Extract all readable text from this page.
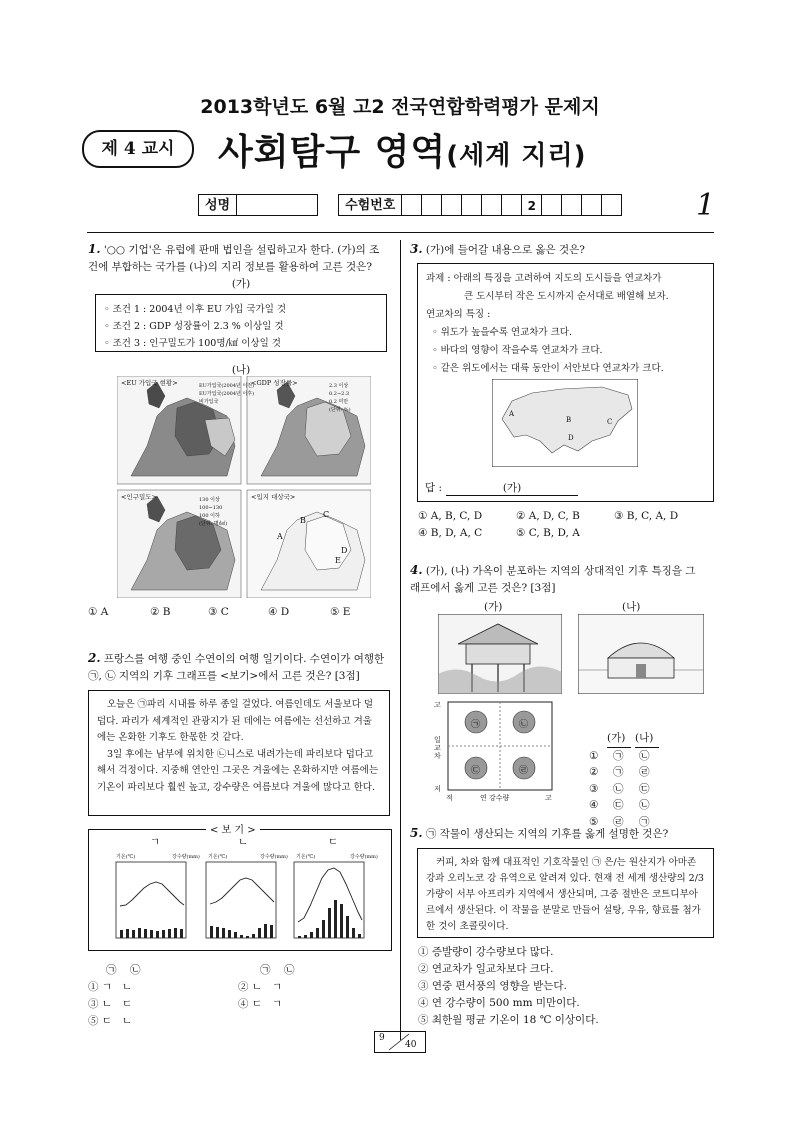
2013학년도 6월 고2 전국연합학력평가 문제지
제 4 교시	사회탐구 영역(세계 지리)
성명	수험번호	2	1
1. '○○ 기업'은 유럽에 판매 법인을 설립하고자 한다. (가)의 조
건에 부합하는 국가를 (나)의 지리 정보를 활용하여 고른 것은?
(가)
◦ 조건 1 : 2004년 이후 EU 가입 국가일 것
◦ 조건 2 : GDP 성장률이 2.3 % 이상일 것
◦ 조건 3 : 인구밀도가 100명/㎢ 이상일 것
(나)
<EU 가입국 현황>	<GDP 성장률>
<인구밀도>	<입지 대상국>
EU가입국(2004년 이전)
EU가입국(2004년 이후)
비가입국
2.3 이상
0.2~2.3
0.2 미만
(단위: %)
130 이상
100~130
100 이하
(단위: 명/㎢)
A
B
C
D
E
① A	② B	③ C	④ D	⑤ E
2. 프랑스를 여행 중인 수연이의 여행 일기이다. 수연이가 여행한
㉠, ㉡ 지역의 기후 그래프를 <보기>에서 고른 것은? [3점]
오늘은 ㉠파리 시내를 하루 종일 걸었다. 여름인데도 서울보다 덜 덥다. 파리가 세계적인 관광지가 된 데에는 여름에는 선선하고 겨울에는 온화한 기후도 한몫한 것 같다.
3일 후에는 남부에 위치한 ㉡니스로 내려가는데 파리보다 덥다고 해서 걱정이다. 지중해 연안인 그곳은 겨울에는 온화하지만 여름에는 기온이 파리보다 훨씬 높고, 강수량은 여름보다 겨울에 많다고 한다.
< 보 기 >
ㄱ	ㄴ	ㄷ
기온(℃)	강수량(mm) 기온(℃)	강수량(mm) 기온(℃)	강수량(mm)
㉠	㉡	㉠	㉡
① ㄱ   ㄴ	② ㄴ   ㄱ
③ ㄴ   ㄷ	④ ㄷ   ㄱ
⑤ ㄷ   ㄴ
3. (가)에 들어갈 내용으로 옳은 것은?
과제 : 아래의 특징을 고려하여 지도의 도시들을 연교차가
큰 도시부터 작은 도시까지 순서대로 배열해 보자.
연교차의 특징 :
◦ 위도가 높을수록 연교차가 크다.
◦ 바다의 영향이 작을수록 연교차가 크다.
◦ 같은 위도에서는 대륙 동안이 서안보다 연교차가 크다.
A
B	C
D
답 :	(가)
① A, B, C, D	② A, D, C, B	③ B, C, A, D
④ B, D, A, C	⑤ C, B, D, A
4. (가), (나) 가옥이 분포하는 지역의 상대적인 기후 특징을 그
래프에서 옳게 고른 것은? [3점]
(가)	(나)
고
일교차
저
㉠	㉡
㉢	㉣
적	연 강수량	고
(가) (나)
①	㉠	㉡
②	㉠	㉣
③	㉡	㉢
④	㉢	㉡
⑤	㉣	㉠
5. ㉠ 작물이 생산되는 지역의 기후를 옳게 설명한 것은?
커피, 차와 함께 대표적인 기호작물인 ㉠ 은/는 원산지가 아마존 강과 오리노코 강 유역으로 알려져 있다. 현재 전 세계 생산량의 2/3 가량이 서부 아프리카 지역에서 생산되며, 그중 절반은 코트디부아르에서 생산된다. 이 작물을 분말로 만들어 설탕, 우유, 향료를 첨가한 것이 초콜릿이다.
① 증발량이 강수량보다 많다.
② 연교차가 일교차보다 크다.
③ 연중 편서풍의 영향을 받는다.
④ 연 강수량이 500 mm 미만이다.
⑤ 최한월 평균 기온이 18 ℃ 이상이다.
9
40
